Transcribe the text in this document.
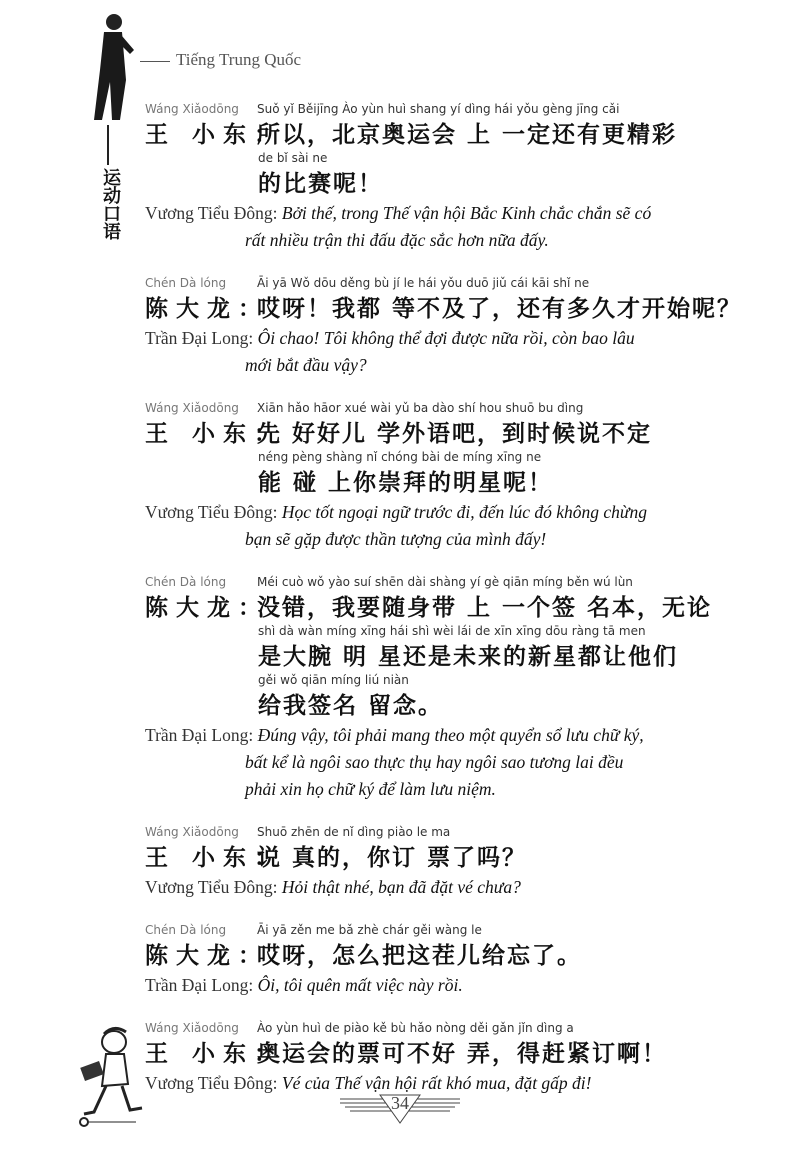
Tiếng Trung Quốc
运动口语
Wáng Xiǎodōng Suǒ yǐ Běijīng Ào yùn huì shang yí dìng hái yǒu gèng jīng cǎi
王 小东：所以，北京奥运会 上 一定还有更精彩
de bǐ sài ne
的比赛呢！
Vương Tiểu Đông: Bởi thế, trong Thế vận hội Bắc Kinh chắc chắn sẽ có
rất nhiều trận thi đấu đặc sắc hơn nữa đấy.
Chén Dà lóng	Āi yā Wǒ dōu děng bù jí le hái yǒu duō jiǔ cái kāi shǐ ne
陈大龙：哎呀！我都 等不及了，还有多久才开始呢？
Trần Đại Long: Ôi chao! Tôi không thể đợi được nữa rồi, còn bao lâu
mới bắt đầu vậy?
Wáng Xiǎodōng Xiān hǎo hāor xué wài yǔ ba dào shí hou shuō bu dìng
王 小东：先 好好儿 学外语吧，到时候说不定
néng pèng shàng nǐ chóng bài de míng xīng ne
能 碰 上你崇拜的明星呢！
Vương Tiểu Đông: Học tốt ngoại ngữ trước đi, đến lúc đó không chừng
bạn sẽ gặp được thần tượng của mình đấy!
Chén Dà lóng	Méi cuò wǒ yào suí shēn dài shàng yí gè qiān míng běn wú lùn
陈大龙：没错，我要随身带 上 一个签 名本，无论
shì dà wàn míng xīng hái shì wèi lái de xīn xīng dōu ràng tā men
是大腕 明 星还是未来的新星都让他们
gěi wǒ qiān míng liú niàn
给我签名 留念。
Trần Đại Long: Đúng vậy, tôi phải mang theo một quyển sổ lưu chữ ký,
bất kể là ngôi sao thực thụ hay ngôi sao tương lai đều
phải xin họ chữ ký để làm lưu niệm.
Wáng Xiǎodōng Shuō zhēn de nǐ dìng piào le ma
王 小东：说 真的，你订 票了吗？
Vương Tiểu Đông: Hỏi thật nhé, bạn đã đặt vé chưa?
Chén Dà lóng	Āi yā zěn me bǎ zhè chár gěi wàng le
陈大龙：哎呀，怎么把这茬儿给忘了。
Trần Đại Long: Ôi, tôi quên mất việc này rồi.
Wáng Xiǎodōng Ào yùn huì de piào kě bù hǎo nòng děi gǎn jǐn dìng a
王 小东：奥运会的票可不好 弄，得赶紧订啊！
Vương Tiểu Đông: Vé của Thế vận hội rất khó mua, đặt gấp đi!
34
